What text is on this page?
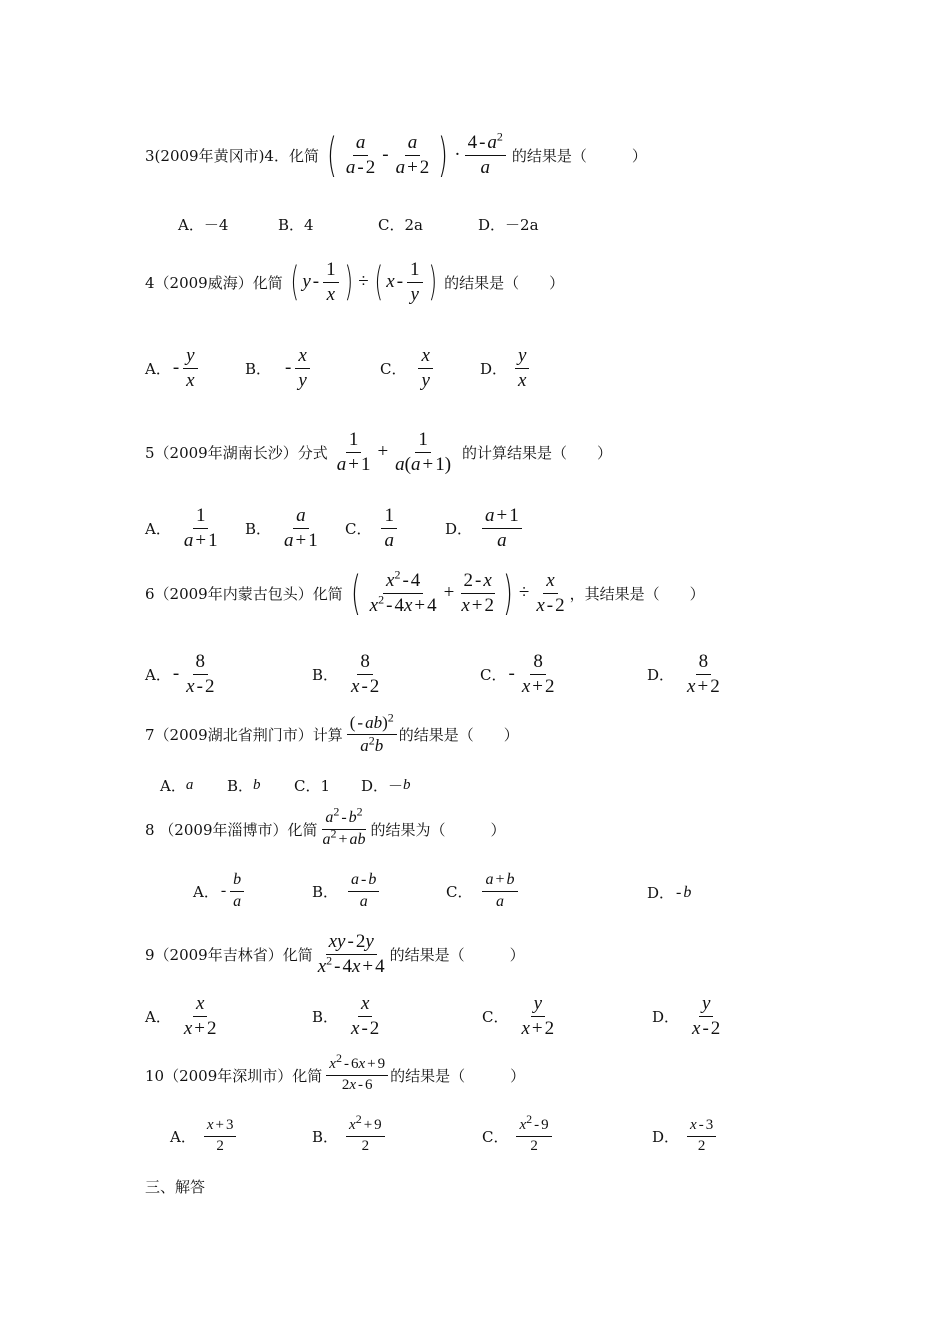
3(2009年黄冈市)4．化简 ( $\frac{a}{a - 2} - \frac{a}{a + 2}$ ) · $\frac{4 - a^2}{a}$ 的结果是（　　　）
A．－4	B．4	C．2a	D．－2a
4（2009威海）化简 ( y - $\frac{1}{x}$ ) ÷ ( x - $\frac{1}{y}$ ) 的结果是（　　）
A． - $\frac{y}{x}$	B． - $\frac{x}{y}$	C． $\frac{x}{y}$	D． $\frac{y}{x}$
5（2009年湖南长沙）分式 $\frac{1}{a + 1} + \frac{1}{a(a + 1)}$ 的计算结果是（　　）
A． $\frac{1}{a + 1}$ B． $\frac{a}{a + 1}$ C． $\frac{1}{a}$	D． $\frac{a + 1}{a}$
6（2009年内蒙古包头）化简 ( $\frac{x^2 - 4}{x^2 - 4x + 4} + \frac{2 - x}{x + 2}$ ) ÷ $\frac{x}{x - 2}$ ，其结果是（　　）
A． - $\frac{8}{x - 2}$	B． $\frac{8}{x - 2}$	C． - $\frac{8}{x + 2}$	D． $\frac{8}{x + 2}$
7（2009湖北省荆门市）计算 $\frac{( - ab)^2}{a^2b}$ 的结果是（　　）
A． a B． b C． 1 D． － b
8 （2009年淄博市）化简 $\frac{a^2 - b^2}{a^2 + ab}$ 的结果为（　　　）
A． - $\frac{b}{a}$	B． $\frac{a - b}{a}$	C． $\frac{a + b}{a}$	D． - b
9（2009年吉林省）化简 $\frac{xy - 2y}{x^2 - 4x + 4}$ 的结果是（　　　）
A． $\frac{x}{x + 2}$	B． $\frac{x}{x - 2}$	C． $\frac{y}{x + 2}$	D． $\frac{y}{x - 2}$
10（2009年深圳市）化简 $\frac{x^2 - 6x + 9}{2x - 6}$ 的结果是（　　　）
A． $\frac{x + 3}{2}$	B． $\frac{x^2 + 9}{2}$	C． $\frac{x^2 - 9}{2}$	D． $\frac{x - 3}{2}$
三、解答
